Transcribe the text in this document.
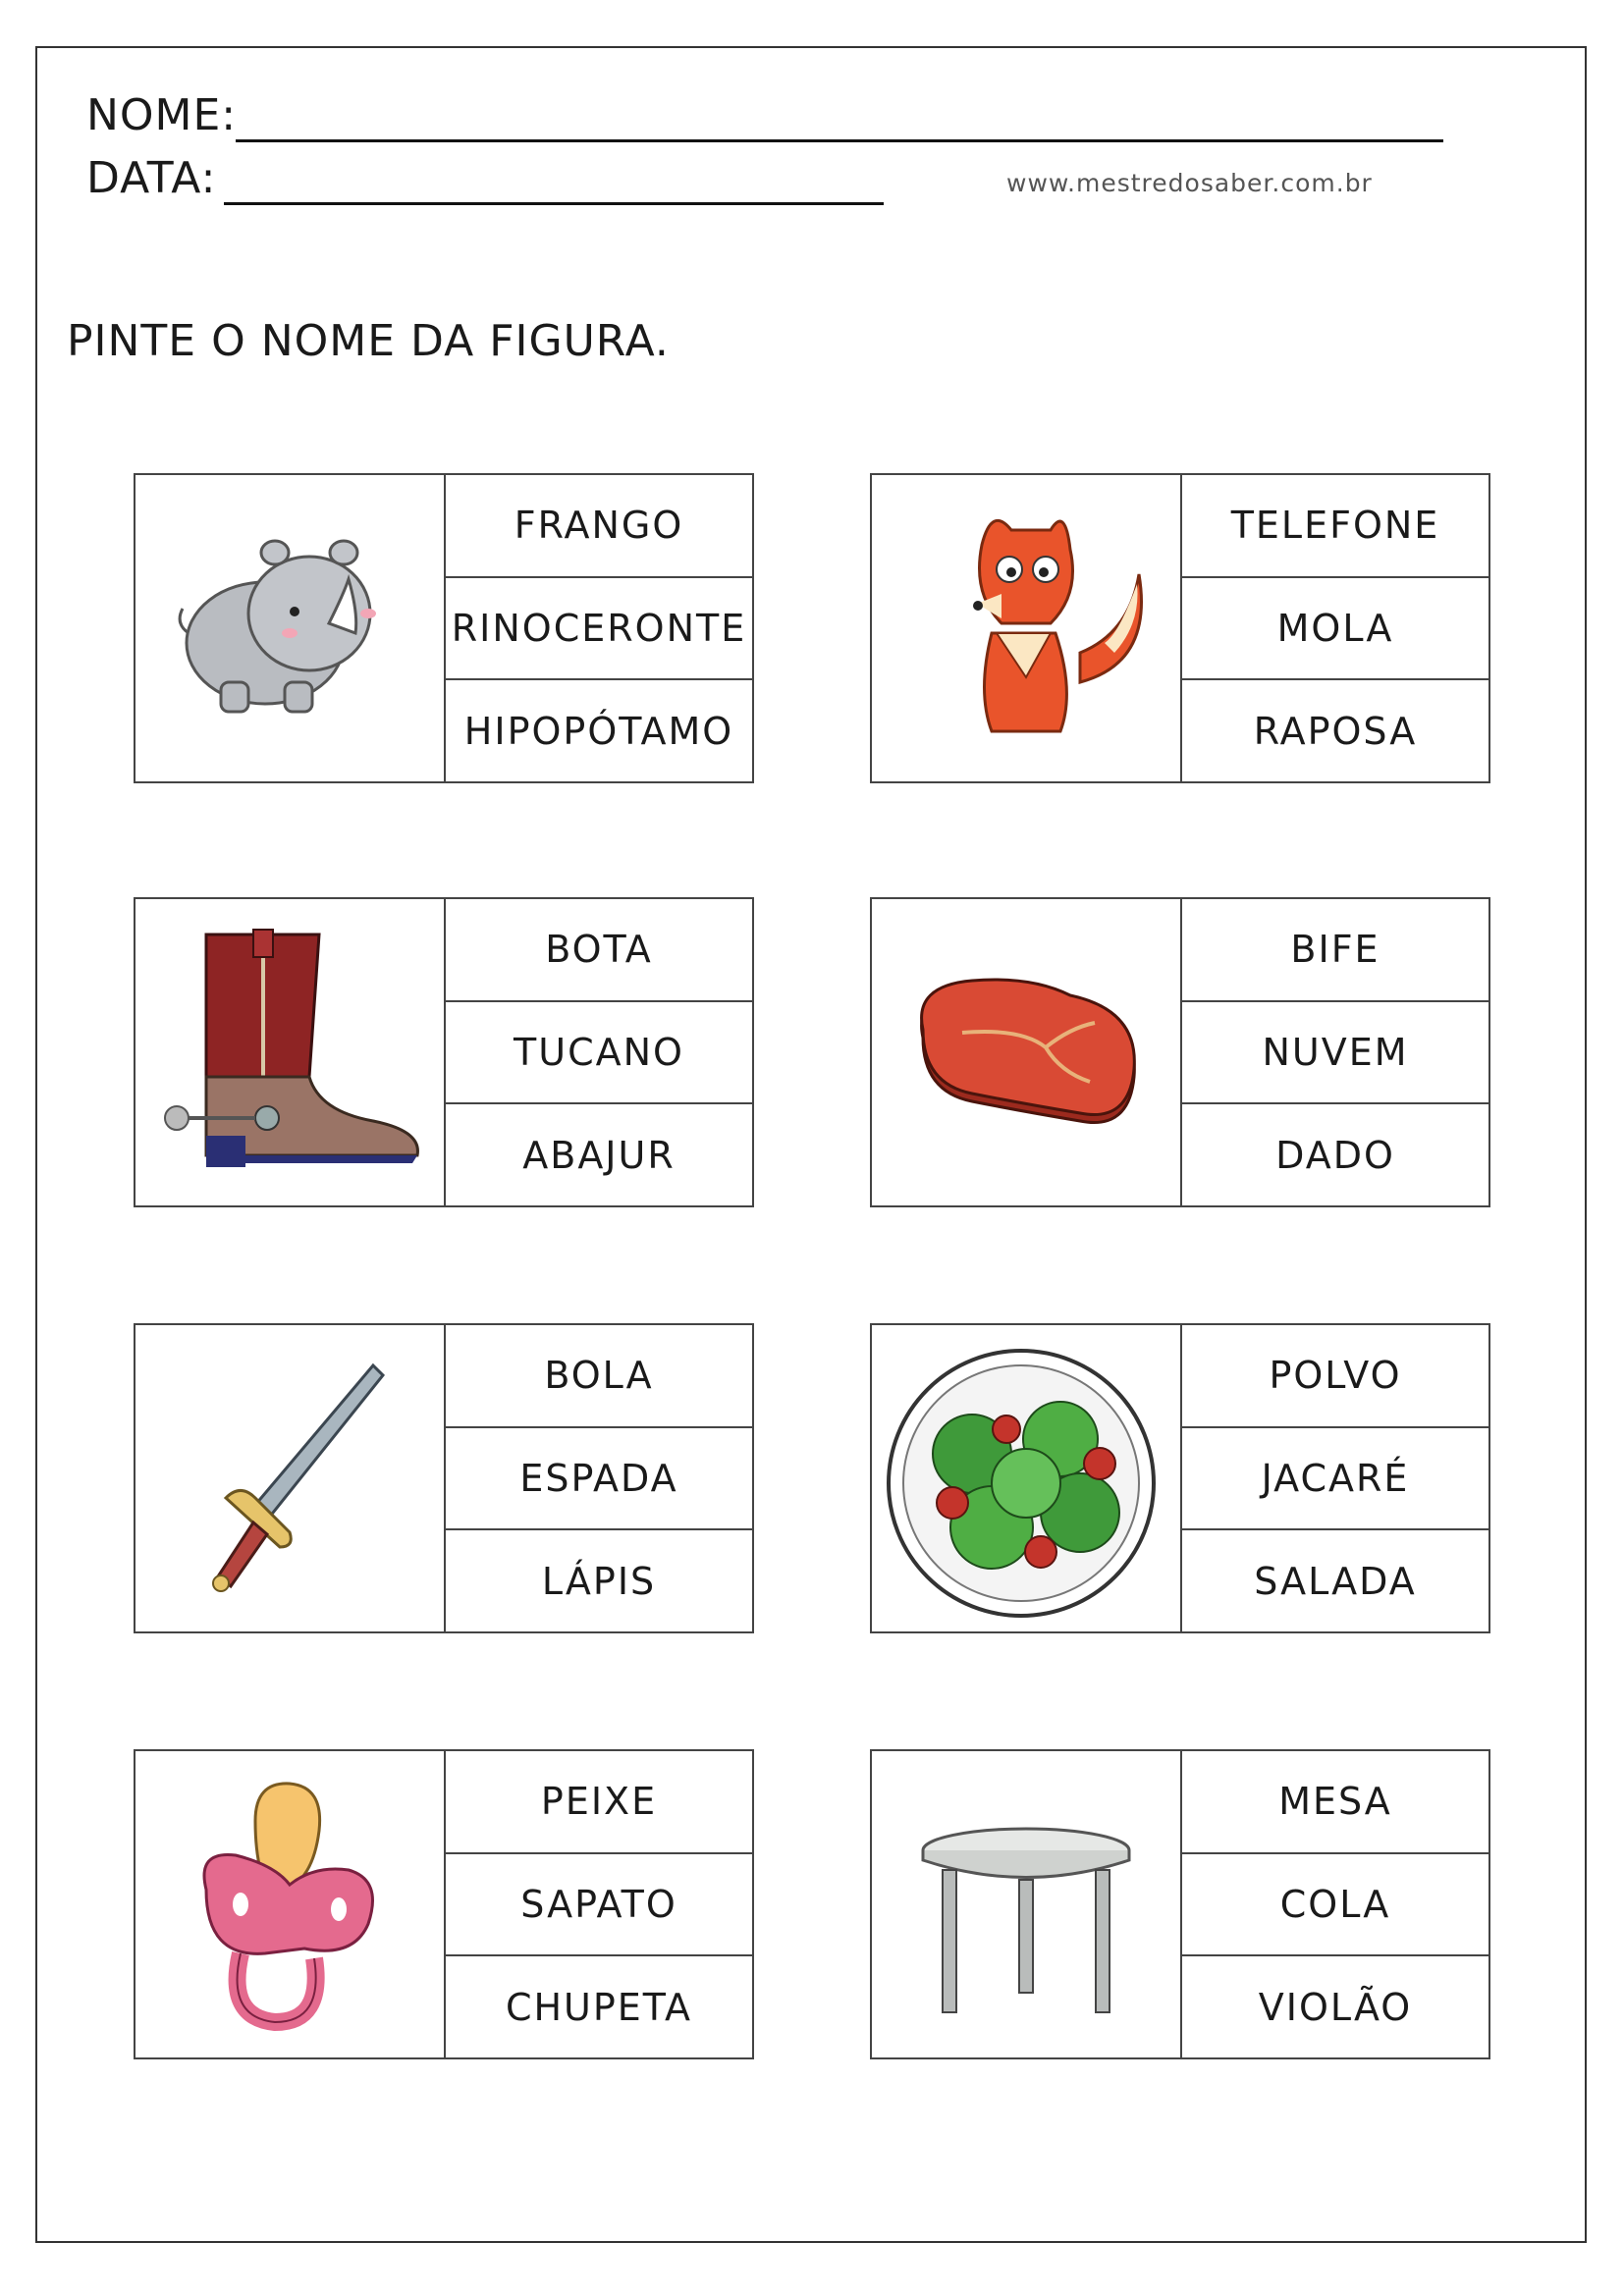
NOME:
DATA:	www.mestredosaber.com.br
PINTE O NOME DA FIGURA.
FRANGO
RINOCERONTE
HIPOPÓTAMO
TELEFONE
MOLA
RAPOSA
BOTA
TUCANO
ABAJUR
BIFE
NUVEM
DADO
BOLA
ESPADA
LÁPIS
POLVO
JACARÉ
SALADA
PEIXE
SAPATO
CHUPETA
MESA
COLA
VIOLÃO
